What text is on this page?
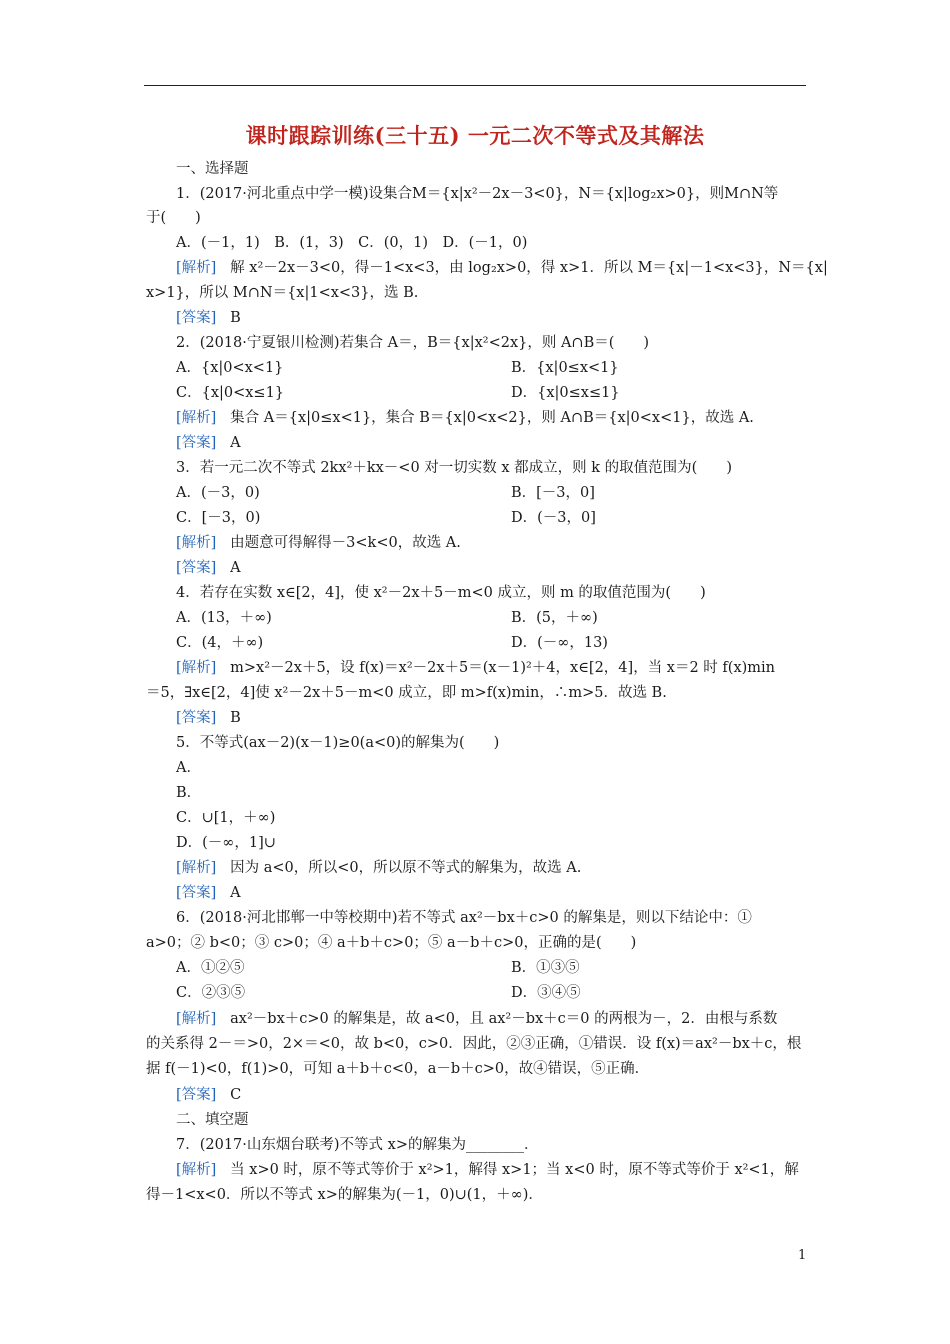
课时跟踪训练(三十五) 一元二次不等式及其解法
一、选择题
1．(2017·河北重点中学一模)设集合M＝{x|x²－2x－3<0}，N＝{x|log₂x>0}，则M∩N等
于(　　)
A．(－1，1)　B．(1，3)　C．(0，1)　D．(－1，0)
[解析] 解 x²－2x－3<0，得－1<x<3，由 log₂x>0，得 x>1．所以 M＝{x|－1<x<3}，N＝{x|
x>1}，所以 M∩N＝{x|1<x<3}，选 B.
[答案] B
2．(2018·宁夏银川检测)若集合 A＝，B＝{x|x²<2x}，则 A∩B＝(　　)
A．{x|0<x<1}	B．{x|0≤x<1}
C．{x|0<x≤1}	D．{x|0≤x≤1}
[解析] 集合 A＝{x|0≤x<1}，集合 B＝{x|0<x<2}，则 A∩B＝{x|0<x<1}，故选 A.
[答案] A
3．若一元二次不等式 2kx²＋kx－<0 对一切实数 x 都成立，则 k 的取值范围为(　　)
A．(－3，0)	B．[－3，0]
C．[－3，0)	D．(－3，0]
[解析] 由题意可得解得－3<k<0，故选 A.
[答案] A
4．若存在实数 x∈[2，4]，使 x²－2x＋5－m<0 成立，则 m 的取值范围为(　　)
A．(13，＋∞)	B．(5，＋∞)
C．(4，＋∞)	D．(－∞，13)
[解析] m>x²－2x＋5，设 f(x)＝x²－2x＋5＝(x－1)²＋4，x∈[2，4]，当 x＝2 时 f(x)min
＝5，∃x∈[2，4]使 x²－2x＋5－m<0 成立，即 m>f(x)min，∴m>5．故选 B.
[答案] B
5．不等式(ax－2)(x－1)≥0(a<0)的解集为(　　)
A．
B．
C．∪[1，＋∞)
D．(－∞，1]∪
[解析] 因为 a<0，所以<0，所以原不等式的解集为，故选 A.
[答案] A
6．(2018·河北邯郸一中等校期中)若不等式 ax²－bx＋c>0 的解集是，则以下结论中：①
a>0；② b<0；③ c>0；④ a＋b＋c>0；⑤ a－b＋c>0，正确的是(　　)
A．①②⑤	B．①③⑤
C．②③⑤	D．③④⑤
[解析] ax²－bx＋c>0 的解集是，故 a<0，且 ax²－bx＋c＝0 的两根为－，2．由根与系数
的关系得 2－＝>0，2×＝<0，故 b<0，c>0．因此，②③正确，①错误．设 f(x)＝ax²－bx＋c，根
据 f(－1)<0，f(1)>0，可知 a＋b＋c<0，a－b＋c>0，故④错误，⑤正确．
[答案] C
二、填空题
7．(2017·山东烟台联考)不等式 x>的解集为________．
[解析] 当 x>0 时，原不等式等价于 x²>1，解得 x>1；当 x<0 时，原不等式等价于 x²<1，解
得－1<x<0．所以不等式 x>的解集为(－1，0)∪(1，＋∞)．
1
